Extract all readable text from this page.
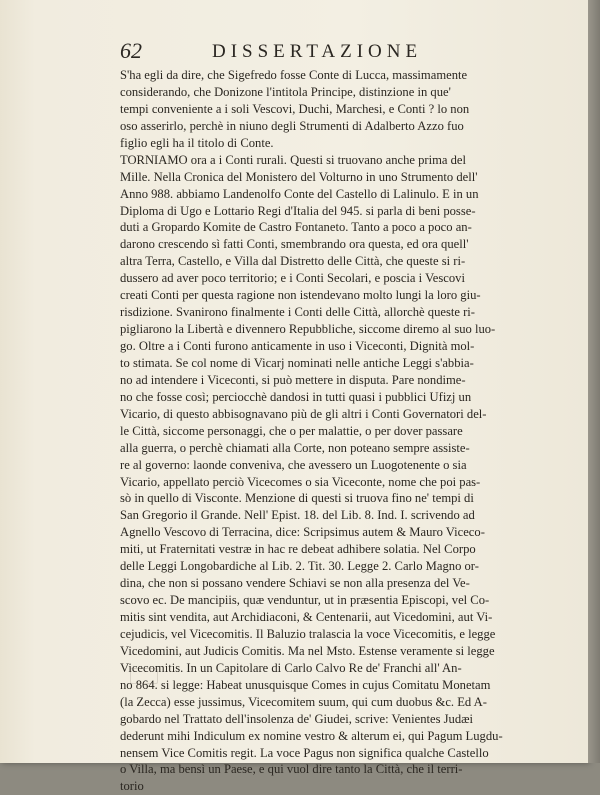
62	DISSERTAZIONE
S'ha egli da dire, che Sigefredo fosse Conte di Lucca, massimamente
considerando, che Donizone l'intitola Principe, distinzione in que'
tempi conveniente a i soli Vescovi, Duchi, Marchesi, e Conti ? lo non
oso asserirlo, perchè in niuno degli Strumenti di Adalberto Azzo fuo
figlio egli ha il titolo di Conte.
TORNIAMO ora a i Conti rurali. Questi si truovano anche prima del
Mille. Nella Cronica del Monistero del Volturno in uno Strumento dell'
Anno 988. abbiamo Landenolfo Conte del Castello di Lalinulo. E in un
Diploma di Ugo e Lottario Regi d'Italia del 945. si parla di beni posse-
duti a Gropardo Komite de Castro Fontaneto. Tanto a poco a poco an-
darono crescendo sì fatti Conti, smembrando ora questa, ed ora quell'
altra Terra, Castello, e Villa dal Distretto delle Città, che queste si ri-
dussero ad aver poco territorio; e i Conti Secolari, e poscia i Vescovi
creati Conti per questa ragione non istendevano molto lungi la loro giu-
risdizione. Svanirono finalmente i Conti delle Città, allorchè queste ri-
pigliarono la Libertà e divennero Repubbliche, siccome diremo al suo luo-
go. Oltre a i Conti furono anticamente in uso i Viceconti, Dignità mol-
to stimata. Se col nome di Vicarj nominati nelle antiche Leggi s'abbia-
no ad intendere i Viceconti, si può mettere in disputa. Pare nondime-
no che fosse così; perciocchè dandosi in tutti quasi i pubblici Ufizj un
Vicario, di questo abbisognavano più de gli altri i Conti Governatori del-
le Città, siccome personaggi, che o per malattie, o per dover passare
alla guerra, o perchè chiamati alla Corte, non poteano sempre assiste-
re al governo: laonde conveniva, che avessero un Luogotenente o sia
Vicario, appellato perciò Vicecomes o sia Viceconte, nome che poi pas-
sò in quello di Visconte. Menzione di questi si truova fino ne' tempi di
San Gregorio il Grande. Nell' Epist. 18. del Lib. 8. Ind. I. scrivendo ad
Agnello Vescovo di Terracina, dice: Scripsimus autem & Mauro Viceco-
miti, ut Fraternitati vestræ in hac re debeat adhibere solatia. Nel Corpo
delle Leggi Longobardiche al Lib. 2. Tit. 30. Legge 2. Carlo Magno or-
dina, che non si possano vendere Schiavi se non alla presenza del Ve-
scovo ec. De mancipiis, quæ venduntur, ut in præsentia Episcopi, vel Co-
mitis sint vendita, aut Archidiaconi, & Centenarii, aut Vicedomini, aut Vi-
cejudicis, vel Vicecomitis. Il Baluzio tralascia la voce Vicecomitis, e legge
Vicedomini, aut Judicis Comitis. Ma nel Msto. Estense veramente si legge
Vicecomitis. In un Capitolare di Carlo Calvo Re de' Franchi all' An-
no 864. si legge: Habeat unusquisque Comes in cujus Comitatu Monetam
(la Zecca) esse jussimus, Vicecomitem suum, qui cum duobus &c. Ed A-
gobardo nel Trattato dell'insolenza de' Giudei, scrive: Venientes Judæi
dederunt mihi Indiculum ex nomine vestro & alterum ei, qui Pagum Lugdu-
nensem Vice Comitis regit. La voce Pagus non significa qualche Castello
o Villa, ma bensì un Paese, e qui vuol dire tanto la Città, che il terri-
torio
